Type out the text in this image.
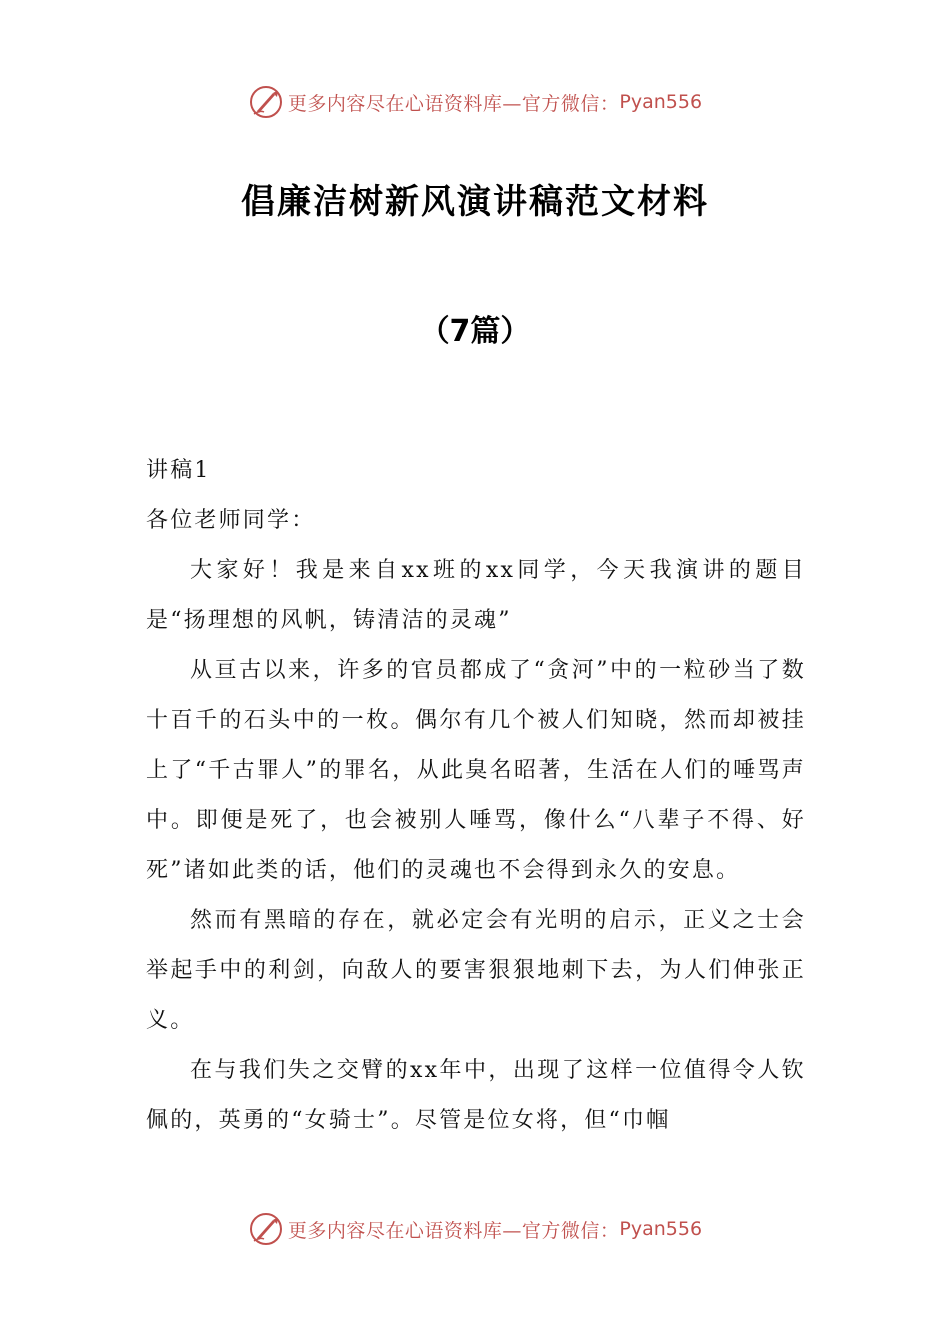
更多内容尽在心语资料库—官方微信： Pyan556
倡廉洁树新风演讲稿范文材料
（7篇）

讲稿1

各位老师同学：

大家好！我是来自xx班的xx同学，今天我演讲的题目是“扬理想的风帆，铸清洁的灵魂”

从亘古以来，许多的官员都成了“贪河”中的一粒砂当了数十百千的石头中的一枚。偶尔有几个被人们知晓，然而却被挂上了“千古罪人”的罪名，从此臭名昭著，生活在人们的唾骂声中。即便是死了，也会被别人唾骂，像什么“八辈子不得、好死”诸如此类的话，他们的灵魂也不会得到永久的安息。

然而有黑暗的存在，就必定会有光明的启示，正义之士会举起手中的利剑，向敌人的要害狠狠地刺下去，为人们伸张正义。

在与我们失之交臂的xx年中，出现了这样一位值得令人钦佩的，英勇的“女骑士”。尽管是位女将，但“巾帼

更多内容尽在心语资料库—官方微信： Pyan556
